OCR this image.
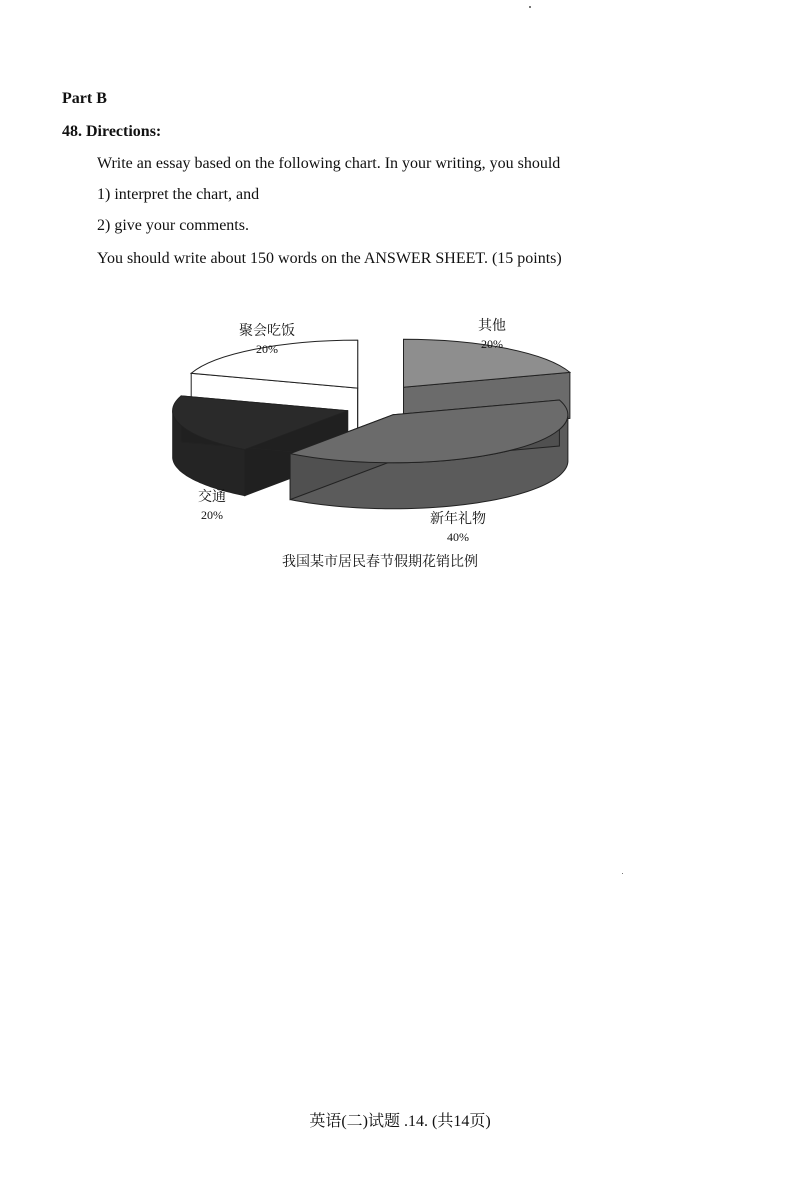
Part B
48. Directions:
Write an essay based on the following chart. In your writing, you should
1) interpret the chart, and
2) give your comments.
You should write about 150 words on the ANSWER SHEET. (15 points)
聚会吃饭
20%
其他
20%
新年礼物
40%
交通
20%
我国某市居民春节假期花销比例
英语(二)试题 .14. (共14页)
